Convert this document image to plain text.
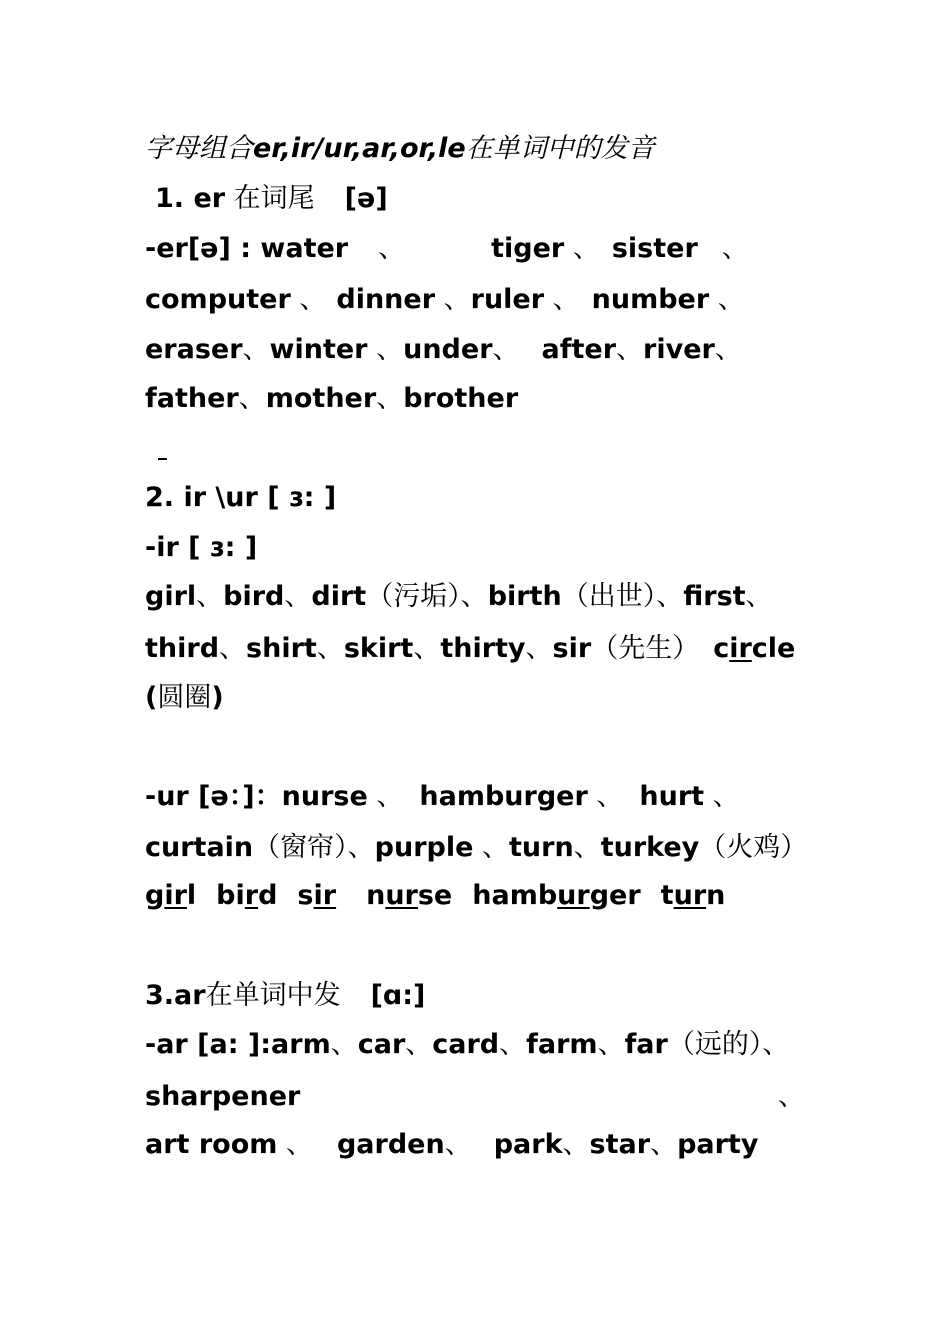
字母组合er,ir/ur,ar,or,le在单词中的发音
1. er 在词尾 [ə]
-er[ə] : water 、	tiger 、 sister 、
computer 、 dinner 、ruler 、 number 、
eraser、winter 、under、 after、river、
father、mother、brother
2. ir \ur [ ɜ: ]
-ir [ ɜ: ]
girl、bird、dirt（污垢）、birth（出世）、first、
third、shirt、skirt、thirty、sir（先生） circle
(圆圈)
-ur [ə：]：nurse 、 hamburger 、 hurt 、
curtain（窗帘）、purple 、turn、turkey（火鸡）
girl bird sir nurse hamburger turn
3.ar在单词中发 [ɑ:]
-ar [a: ]:arm、car、card、farm、far（远的）、
sharpener	、
art room 、 garden、 park、star、party
